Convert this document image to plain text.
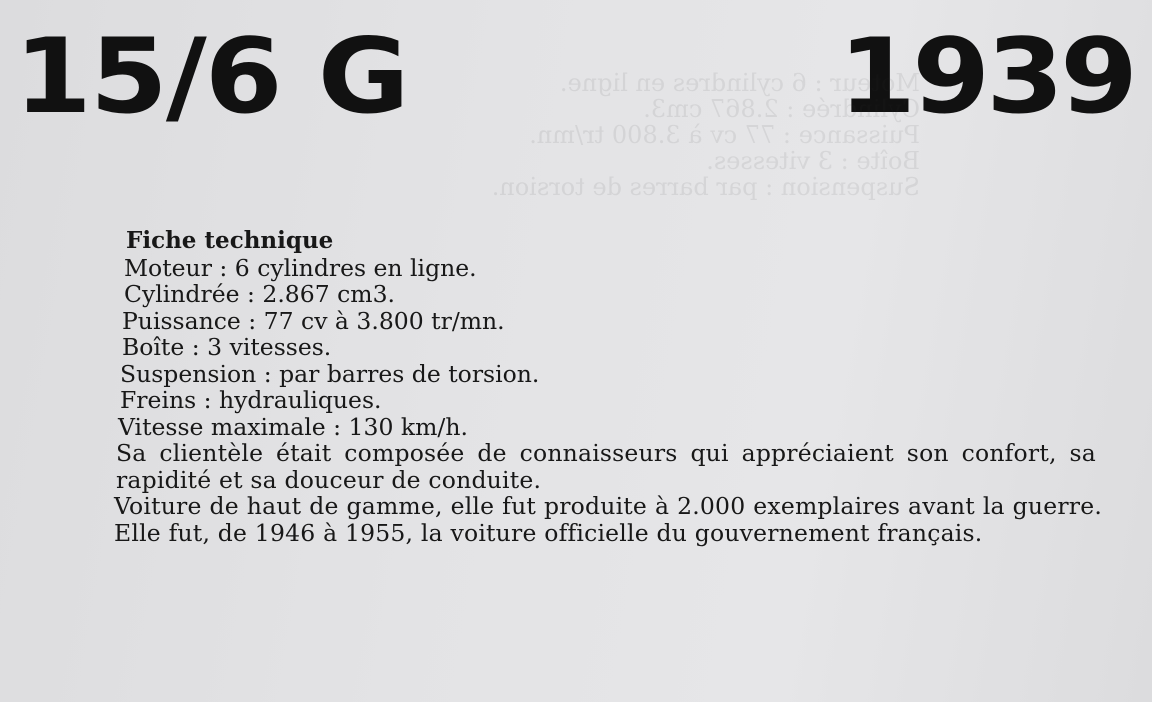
15/6 G	1939
Moteur : 6 cylindres en ligne.
Cylindrée : 2.867 cm3.
Puissance : 77 cv à 3.800 tr/mn.
Boîte : 3 vitesses.
Suspension : par barres de torsion.
Fiche technique
Moteur : 6 cylindres en ligne.
Cylindrée : 2.867 cm3.
Puissance : 77 cv à 3.800 tr/mn.
Boîte : 3 vitesses.
Suspension : par barres de torsion.
Freins : hydrauliques.
Vitesse maximale : 130 km/h.
Sa clientèle était composée de connaisseurs qui appréciaient son confort, sa rapidité et sa douceur de conduite.
Voiture de haut de gamme, elle fut produite à 2.000 exemplaires avant la guerre. Elle fut, de 1946 à 1955, la voiture officielle du gouvernement français.
